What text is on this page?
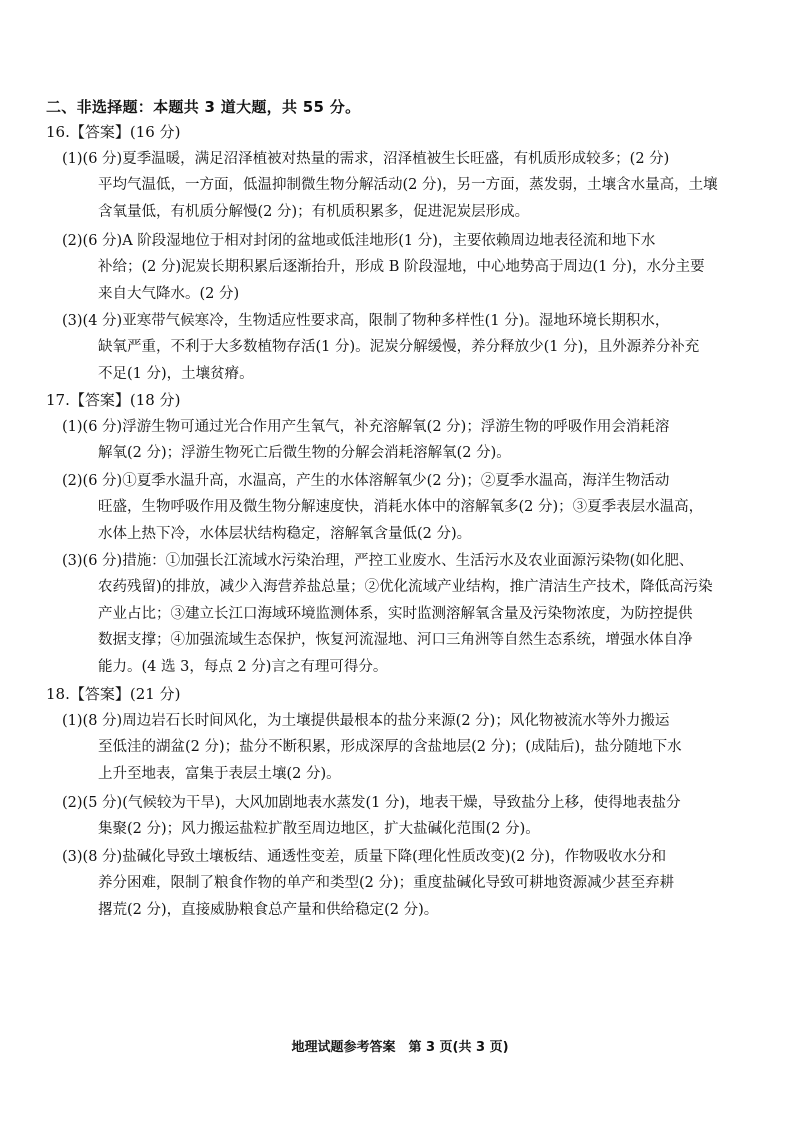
二、非选择题：本题共 3 道大题，共 55 分。
16.【答案】(16 分)
(1)(6 分)夏季温暖，满足沼泽植被对热量的需求，沼泽植被生长旺盛，有机质形成较多；(2 分)
平均气温低，一方面，低温抑制微生物分解活动(2 分)，另一方面，蒸发弱，土壤含水量高，土壤
含氧量低，有机质分解慢(2 分)；有机质积累多，促进泥炭层形成。
(2)(6 分)A 阶段湿地位于相对封闭的盆地或低洼地形(1 分)，主要依赖周边地表径流和地下水
补给；(2 分)泥炭长期积累后逐渐抬升，形成 B 阶段湿地，中心地势高于周边(1 分)，水分主要
来自大气降水。(2 分)
(3)(4 分)亚寒带气候寒冷，生物适应性要求高，限制了物种多样性(1 分)。湿地环境长期积水，
缺氧严重，不利于大多数植物存活(1 分)。泥炭分解缓慢，养分释放少(1 分)，且外源养分补充
不足(1 分)，土壤贫瘠。
17.【答案】(18 分)
(1)(6 分)浮游生物可通过光合作用产生氧气，补充溶解氧(2 分)；浮游生物的呼吸作用会消耗溶
解氧(2 分)；浮游生物死亡后微生物的分解会消耗溶解氧(2 分)。
(2)(6 分)①夏季水温升高，水温高，产生的水体溶解氧少(2 分)；②夏季水温高，海洋生物活动
旺盛，生物呼吸作用及微生物分解速度快，消耗水体中的溶解氧多(2 分)；③夏季表层水温高，
水体上热下冷，水体层状结构稳定，溶解氧含量低(2 分)。
(3)(6 分)措施：①加强长江流域水污染治理，严控工业废水、生活污水及农业面源污染物(如化肥、
农药残留)的排放，减少入海营养盐总量；②优化流域产业结构，推广清洁生产技术，降低高污染
产业占比；③建立长江口海域环境监测体系，实时监测溶解氧含量及污染物浓度，为防控提供
数据支撑；④加强流域生态保护，恢复河流湿地、河口三角洲等自然生态系统，增强水体自净
能力。(4 选 3，每点 2 分)言之有理可得分。
18.【答案】(21 分)
(1)(8 分)周边岩石长时间风化，为土壤提供最根本的盐分来源(2 分)；风化物被流水等外力搬运
至低洼的湖盆(2 分)；盐分不断积累，形成深厚的含盐地层(2 分)；(成陆后)，盐分随地下水
上升至地表，富集于表层土壤(2 分)。
(2)(5 分)(气候较为干旱)，大风加剧地表水蒸发(1 分)，地表干燥，导致盐分上移，使得地表盐分
集聚(2 分)；风力搬运盐粒扩散至周边地区，扩大盐碱化范围(2 分)。
(3)(8 分)盐碱化导致土壤板结、通透性变差，质量下降(理化性质改变)(2 分)，作物吸收水分和
养分困难，限制了粮食作物的单产和类型(2 分)；重度盐碱化导致可耕地资源减少甚至弃耕
撂荒(2 分)，直接威胁粮食总产量和供给稳定(2 分)。
地理试题参考答案　第 3 页(共 3 页)
